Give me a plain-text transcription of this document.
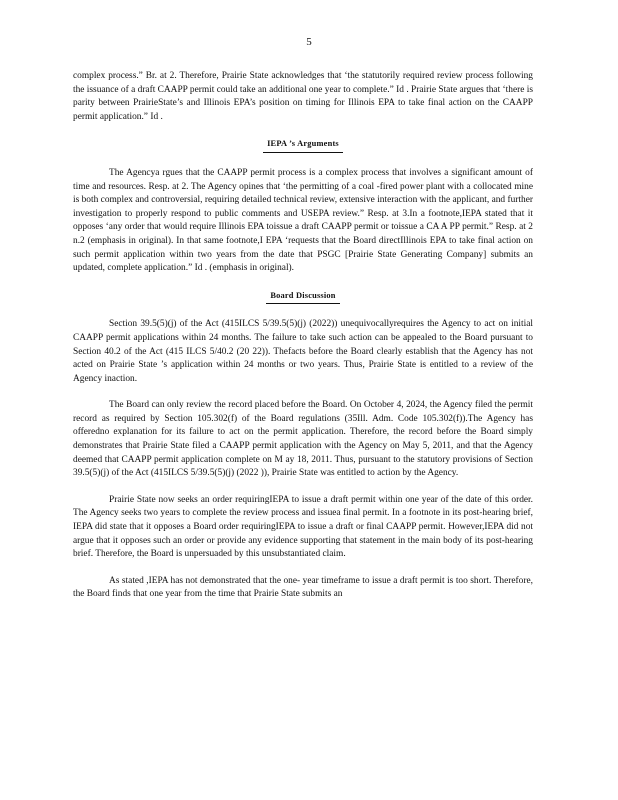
5

complex process.” Br. at 2. Therefore, Prairie State acknowledges that ‘the statutorily required review process following the issuance of a draft CAAPP permit could take an additional one year to complete.” Id . Prairie State argues that ‘there is parity between PrairieState’s and Illinois EPA’s position on timing for Illinois EPA to take final action on the CAAPP permit application.” Id .

IEPA ’s Arguments

The Agencya rgues that the CAAPP permit process is a complex process that involves a significant amount of time and resources. Resp. at 2. The Agency opines that ‘the permitting of a coal -fired power plant with a collocated mine is both complex and controversial, requiring detailed technical review, extensive interaction with the applicant, and further investigation to properly respond to public comments and USEPA review.” Resp. at 3.In a footnote,IEPA stated that it opposes ‘any order that would require Illinois EPA toissue a draft CAAPP permit or toissue a CA A PP permit.” Resp. at 2 n.2 (emphasis in original). In that same footnote,I EPA ‘requests that the Board directIllinois EPA to take final action on such permit application within two years from the date that PSGC [Prairie State Generating Company] submits an updated, complete application.” Id . (emphasis in original).

Board Discussion

Section 39.5(5)(j) of the Act (415ILCS 5/39.5(5)(j) (2022)) unequivocallyrequires the Agency to act on initial CAAPP permit applications within 24 months. The failure to take such action can be appealed to the Board pursuant to Section 40.2 of the Act (415 ILCS 5/40.2 (20 22)). Thefacts before the Board clearly establish that the Agency has not acted on Prairie State ’s application within 24 months or two years. Thus, Prairie State is entitled to a review of the Agency inaction.

The Board can only review the record placed before the Board. On October 4, 2024, the Agency filed the permit record as required by Section 105.302(f) of the Board regulations (35Ill. Adm. Code 105.302(f)).The Agency has offeredno explanation for its failure to act on the permit application. Therefore, the record before the Board simply demonstrates that Prairie State filed a CAAPP permit application with the Agency on May 5, 2011, and that the Agency deemed that CAAPP permit application complete on M ay 18, 2011. Thus, pursuant to the statutory provisions of Section 39.5(5)(j) of the Act (415ILCS 5/39.5(5)(j) (2022 )), Prairie State was entitled to action by the Agency.

Prairie State now seeks an order requiringIEPA to issue a draft permit within one year of the date of this order. The Agency seeks two years to complete the review process and issuea final permit. In a footnote in its post-hearing brief, IEPA did state that it opposes a Board order requiringIEPA to issue a draft or final CAAPP permit. However,IEPA did not argue that it opposes such an order or provide any evidence supporting that statement in the main body of its post-hearing brief. Therefore, the Board is unpersuaded by this unsubstantiated claim.

As stated ,IEPA has not demonstrated that the one- year timeframe to issue a draft permit is too short. Therefore, the Board finds that one year from the time that Prairie State submits an
